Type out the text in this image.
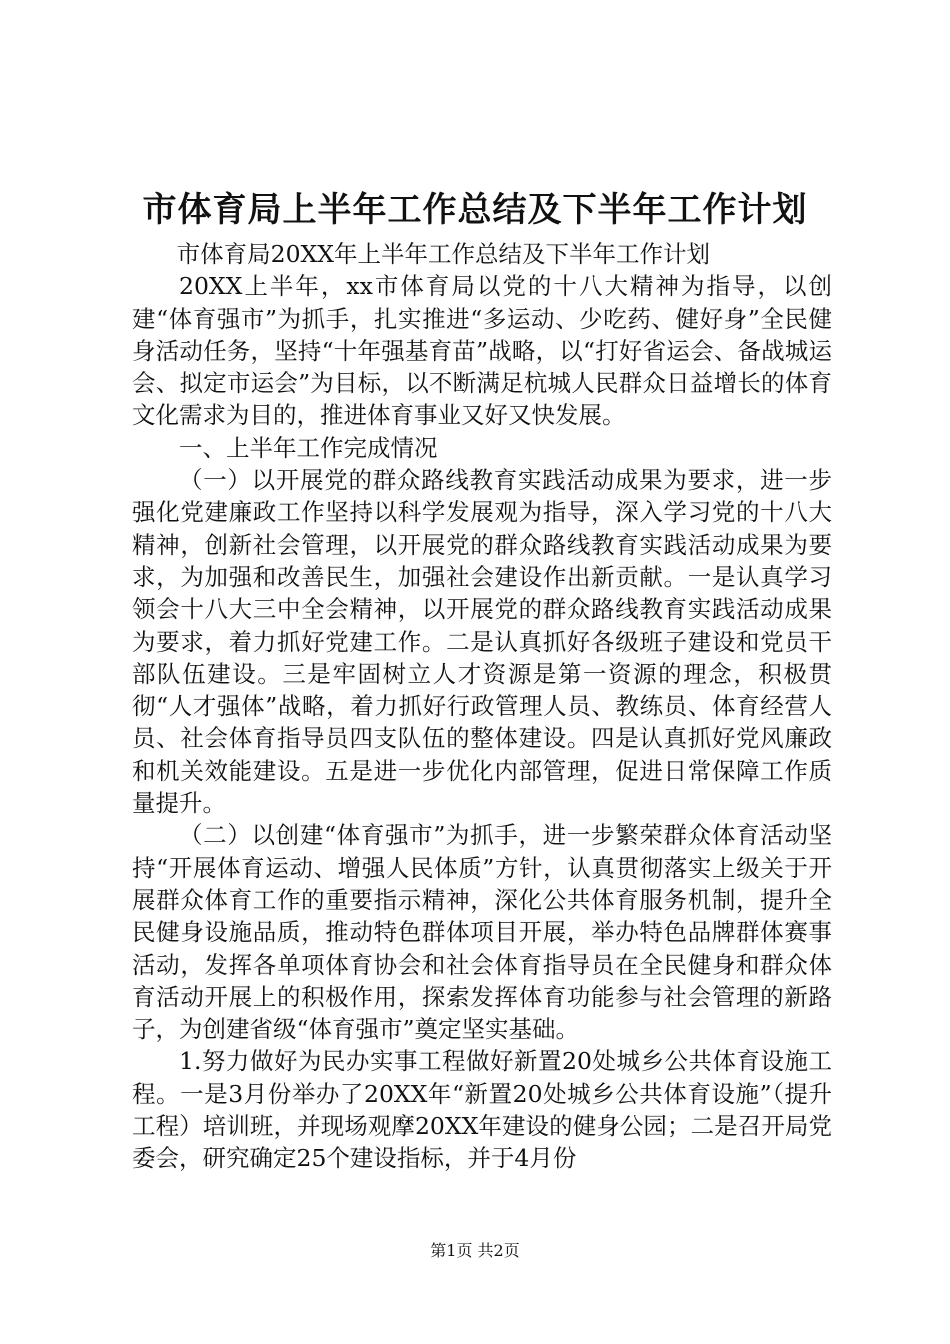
市体育局上半年工作总结及下半年工作计划

市体育局20XX年上半年工作总结及下半年工作计划

20XX上半年，xx市体育局以党的十八大精神为指导，以创建“体育强市”为抓手，扎实推进“多运动、少吃药、健好身”全民健身活动任务，坚持“十年强基育苗”战略，以“打好省运会、备战城运会、拟定市运会”为目标，以不断满足杭城人民群众日益增长的体育文化需求为目的，推进体育事业又好又快发展。

一、上半年工作完成情况

（一）以开展党的群众路线教育实践活动成果为要求，进一步强化党建廉政工作坚持以科学发展观为指导，深入学习党的十八大精神，创新社会管理，以开展党的群众路线教育实践活动成果为要求，为加强和改善民生，加强社会建设作出新贡献。一是认真学习领会十八大三中全会精神，以开展党的群众路线教育实践活动成果为要求，着力抓好党建工作。二是认真抓好各级班子建设和党员干部队伍建设。三是牢固树立人才资源是第一资源的理念，积极贯彻“人才强体”战略，着力抓好行政管理人员、教练员、体育经营人员、社会体育指导员四支队伍的整体建设。四是认真抓好党风廉政和机关效能建设。五是进一步优化内部管理，促进日常保障工作质量提升。

（二）以创建“体育强市”为抓手，进一步繁荣群众体育活动坚持“开展体育运动、增强人民体质”方针，认真贯彻落实上级关于开展群众体育工作的重要指示精神，深化公共体育服务机制，提升全民健身设施品质，推动特色群体项目开展，举办特色品牌群体赛事活动，发挥各单项体育协会和社会体育指导员在全民健身和群众体育活动开展上的积极作用，探索发挥体育功能参与社会管理的新路子，为创建省级“体育强市”奠定坚实基础。

1.努力做好为民办实事工程做好新置20处城乡公共体育设施工程。一是3月份举办了20XX年“新置20处城乡公共体育设施”（提升工程）培训班，并现场观摩20XX年建设的健身公园；二是召开局党委会，研究确定25个建设指标，并于4月份

第1页 共2页
